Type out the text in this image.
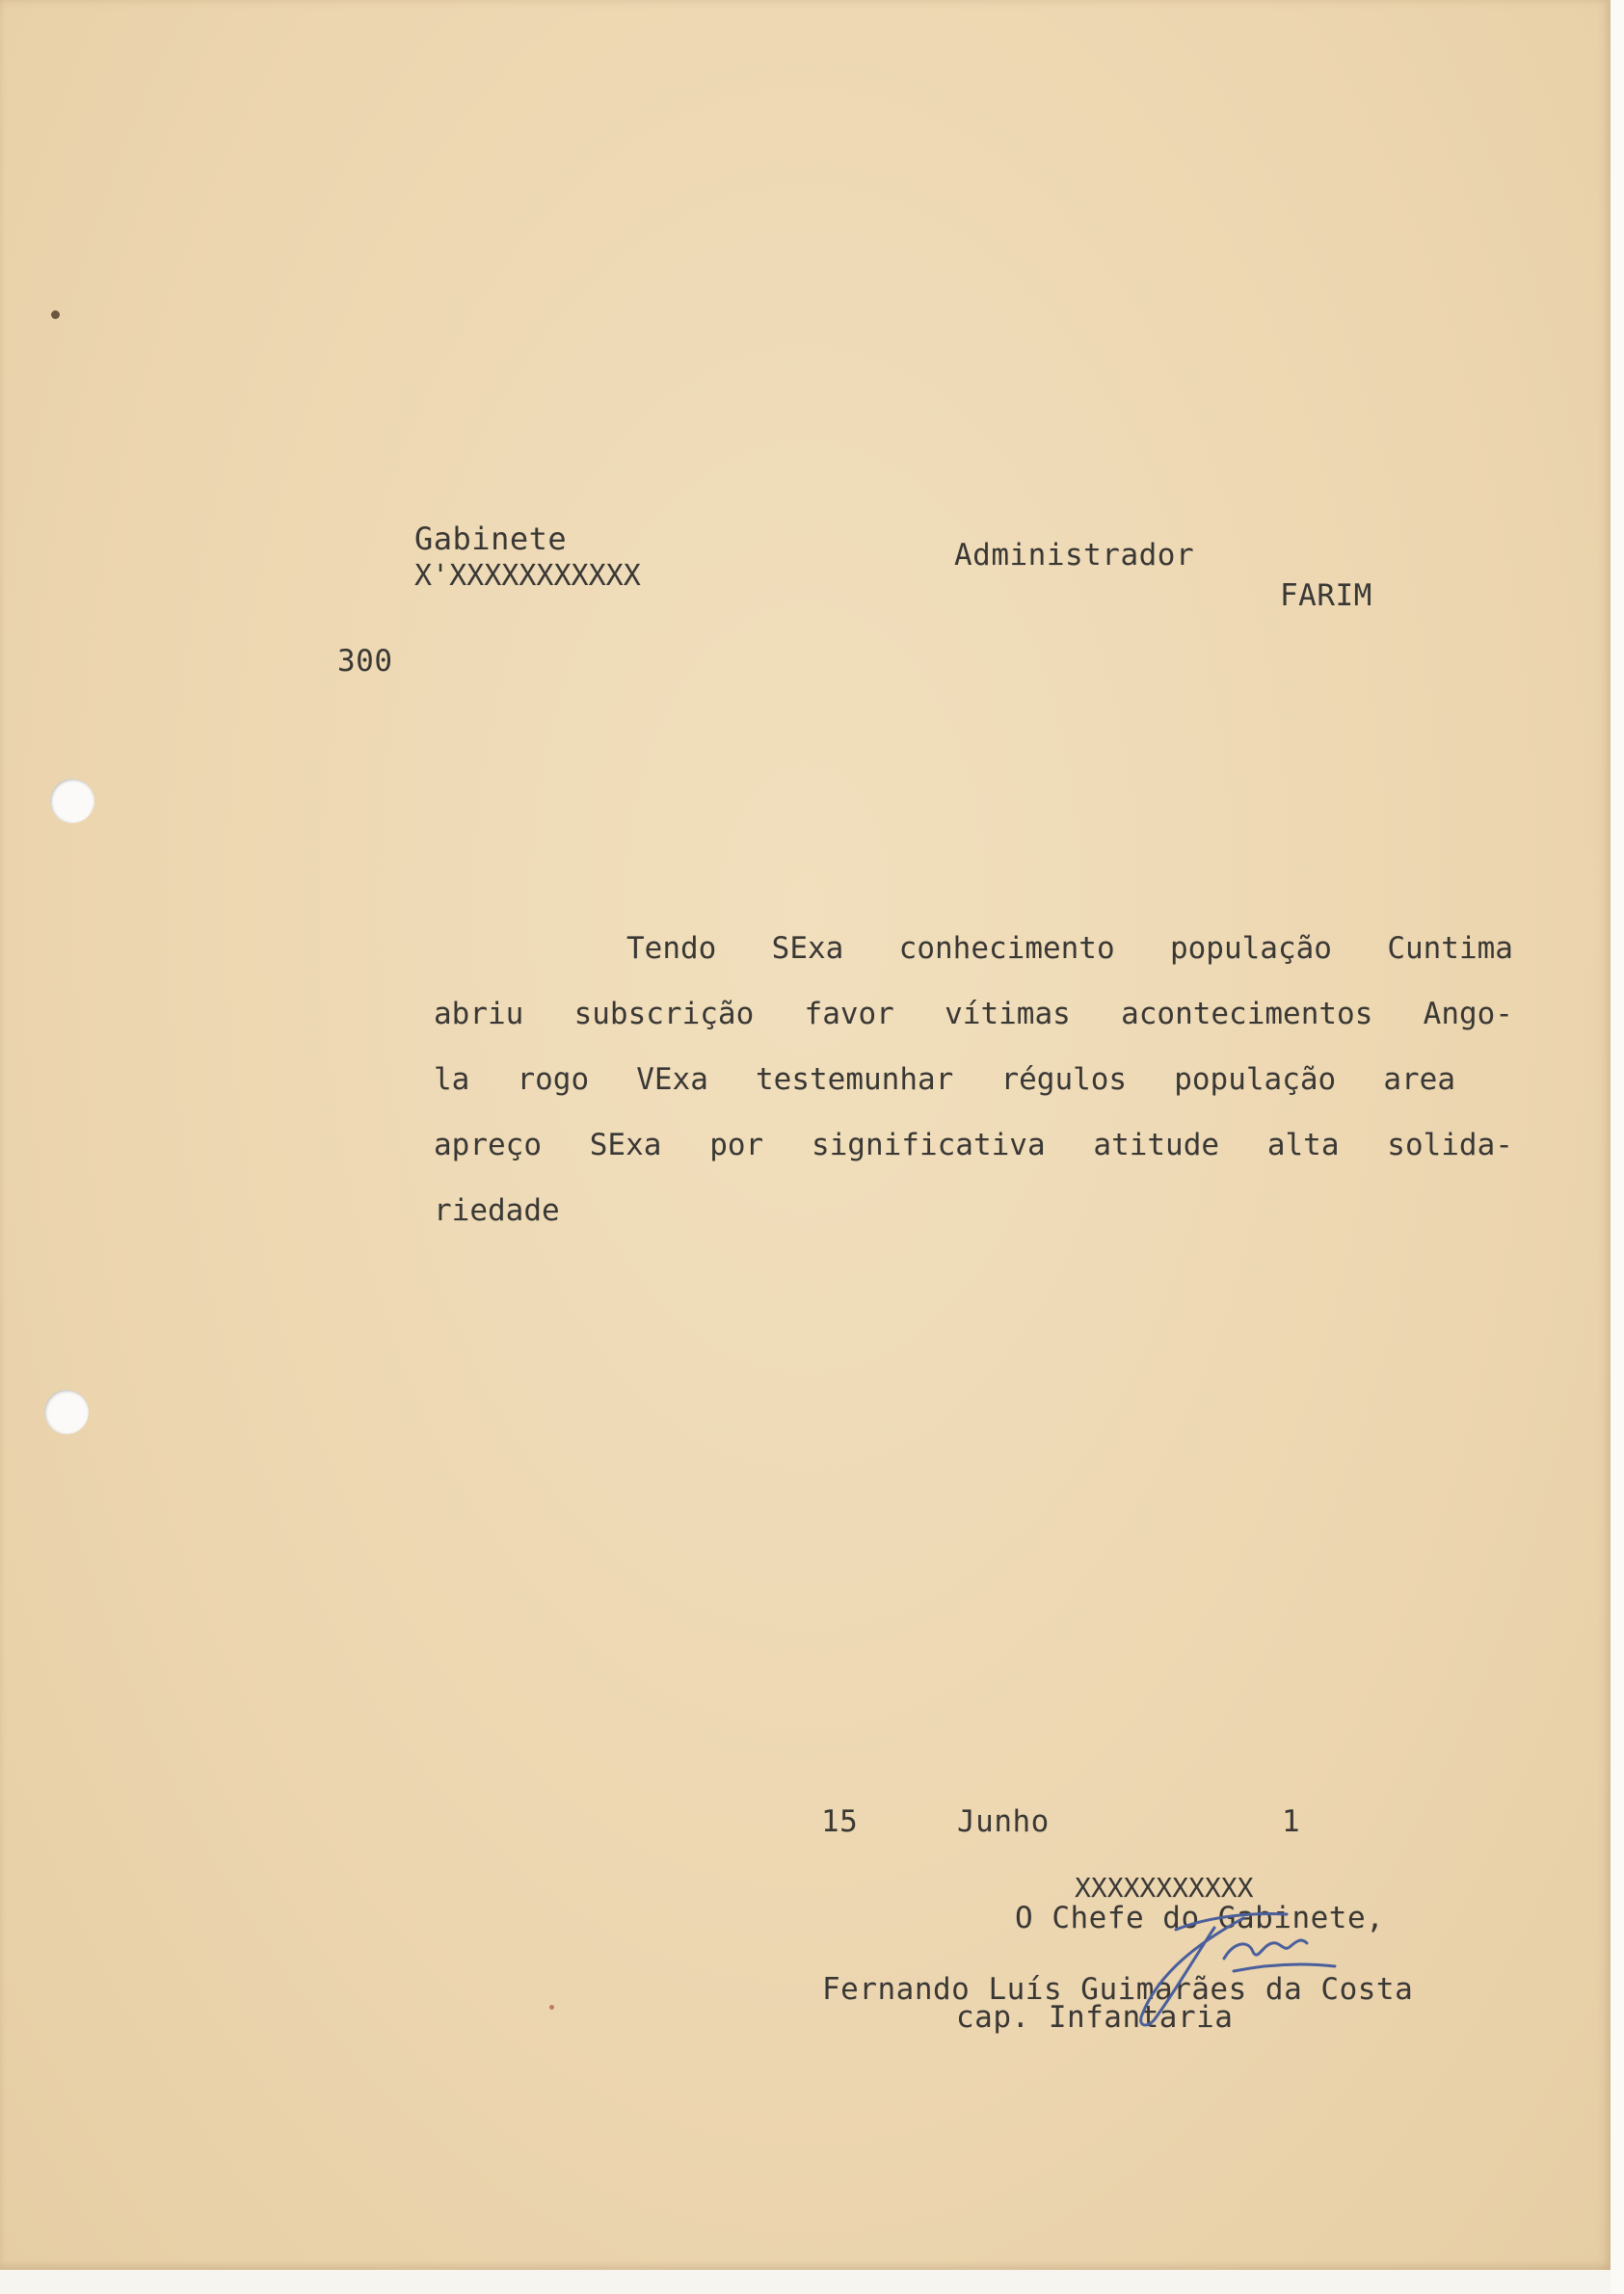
Gabinete
X'XXXXXXXXXXX
Administrador
FARIM
300
Tendo SExa conhecimento população Cuntima
abriu subscrição favor vítimas acontecimentos Ango-
la rogo VExa testemunhar régulos população area
apreço SExa por significativa atitude alta solida-
riedade
15	Junho	1
XXXXXXXXXXX
O Chefe do Gabinete,
Fernando Luís Guimarães da Costa
cap. Infantaria
